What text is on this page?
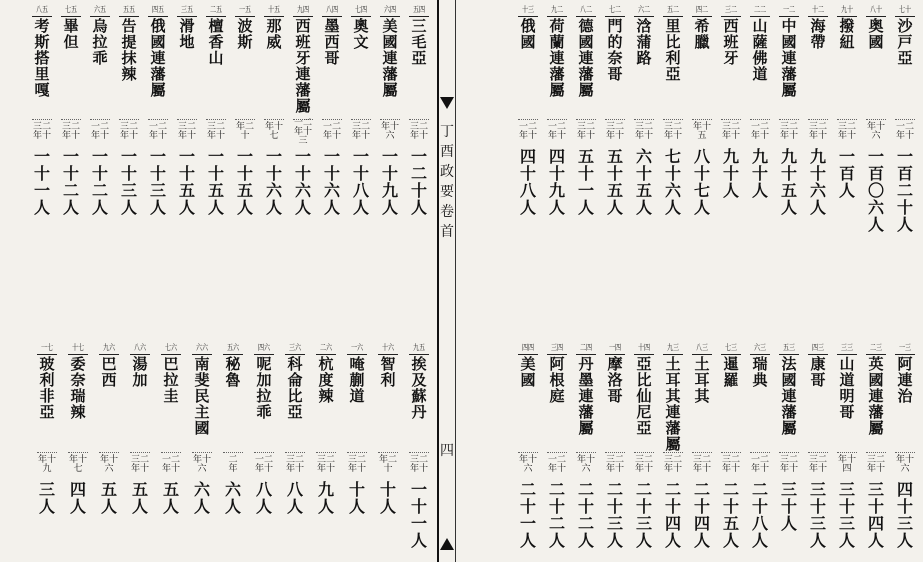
五四
三
毛
亞
三二
年十
一
二
十
人
六四
美
國
連
藩
屬
年十
六
一
十
九
人
七四
奧
文
三二
年十
一
十
八
人
八四
墨
西
哥
一二
年十
一
十
六
人
九四
西
班
牙
連
藩
屬
一二
年十
三
一
十
六
人
十五
那
威
年十
七
一
十
六
人
一五
波
斯
年二
十
一
十
五
人
二五
檀
香
山
三二
年十
一
十
五
人
三五
滑
地
三二
年十
一
十
五
人
四五
俄
國
連
藩
屬
一二
年十
一
十
三
人
五五
告
提
抹
辣
三二
年十
一
十
三
人
六五
烏
拉
乖
一二
年十
一
十
二
人
七五
畢
但
三二
年十
一
十
二
人
八五
考
斯
搭
里
嘎
三二
年十
一
十
一
人
九五
挨
及
蘇
丹
三二
年十
一
十
一
人
十六
智
利
年二
十
十
人
一六
唵
蒯
道
三二
年十
十
人
二六
杭
度
辣
三二
年十
九
人
三六
科
侖
比
亞
三二
年十
八
人
四六
呢
加
拉
乖
一二
年十
八
人
五六
秘
魯
二
年
六
人
六六
南
斐
民
主
國
年十
六
六
人
七六
巴
拉
圭
一二
年十
五
人
八六
湯
加
三二
年十
五
人
九六
巴
西
年十
六
五
人
十七
委
奈
瑞
辣
年十
七
四
人
一七
玻
利
非
亞
年十
九
三
人
丁
酉
政
要
卷
首
四
七十
沙
戸
亞
一二
年十
一
百
二
十
人
八十
奥
國
年十
六
一
百
〇
六
人
九十
撥
紐
三二
年十
一
百
人
十二
海
帶
三二
年十
九
十
六
人
一二
中
國
連
藩
屬
三二
年十
九
十
五
人
二二
山
薩
佛
道
一二
年十
九
十
人
三二
西
班
牙
三二
年十
九
十
人
四二
希
臘
年十
五
八
十
七
人
五二
里
比
利
亞
三二
年十
七
十
六
人
六二
浛
蒲
路
三二
年十
六
十
五
人
七二
門
的
奈
哥
三二
年十
五
十
五
人
八二
德
國
連
藩
屬
三二
年十
五
十
一
人
九二
荷
蘭
連
藩
屬
一二
年十
四
十
九
人
十三
俄
國
一二
年十
四
十
八
人
一三
阿
連
治
年十
六
四
十
三
人
二三
英
國
連
藩
屬
三二
年十
三
十
四
人
三三
山
道
明
哥
年十
四
三
十
三
人
四三
康
哥
三二
年十
三
十
三
人
五三
法
國
連
藩
屬
三二
年十
三
十
人
六三
瑞
典
一二
年十
二
十
八
人
七三
暹
羅
三二
年十
二
十
五
人
八三
土
耳
其
三二
年十
二
十
四
人
九三
土
耳
其
連
藩
屬
三二
年十
二
十
四
人
十四
亞
比
仙
尼
亞
三二
年十
二
十
三
人
一四
摩
洛
哥
三二
年十
二
十
三
人
二四
丹
墨
連
藩
屬
年十
六
二
十
二
人
三四
阿
根
庭
一二
年十
二
十
二
人
四四
美
國
年十
六
二
十
一
人
